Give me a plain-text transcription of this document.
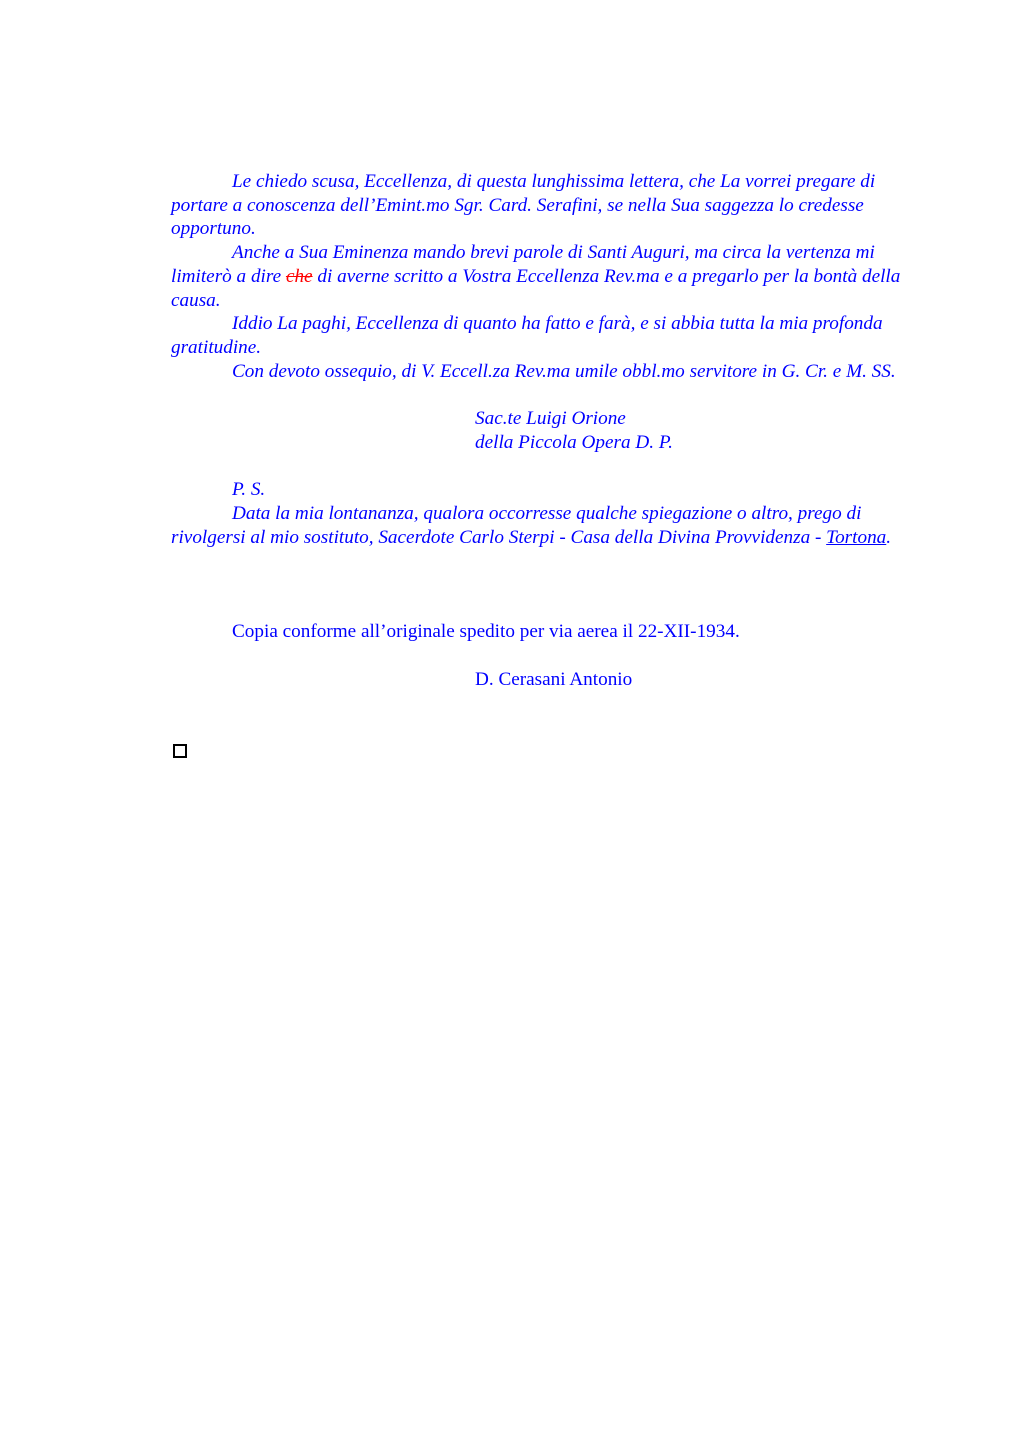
Le chiedo scusa, Eccellenza, di questa lunghissima lettera, che La vorrei pregare di portare a conoscenza dell’Emint.mo Sgr. Card. Serafini, se nella Sua saggezza lo credesse opportuno.

Anche a Sua Eminenza mando brevi parole di Santi Auguri, ma circa la vertenza mi limiterò a dire che di averne scritto a Vostra Eccellenza Rev.ma e a pregarlo per la bontà della causa.

Iddio La paghi, Eccellenza di quanto ha fatto e farà, e si abbia tutta la mia profonda gratitudine.

Con devoto ossequio, di V. Eccell.za Rev.ma umile obbl.mo servitore in G. Cr. e M. SS.

Sac.te Luigi Orione

della Piccola Opera D. P.

P. S.

Data la mia lontananza, qualora occorresse qualche spiegazione o altro, prego di rivolgersi al mio sostituto, Sacerdote Carlo Sterpi - Casa della Divina Provvidenza - Tortona.

Copia conforme all’originale spedito per via aerea il 22-XII-1934.

D. Cerasani Antonio
